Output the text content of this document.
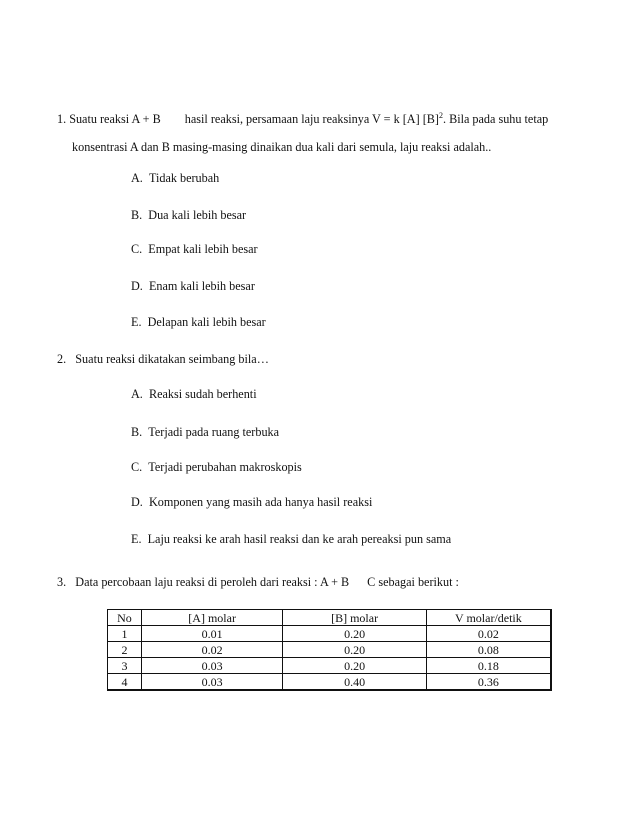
1. Suatu reaksi A + B hasil reaksi, persamaan laju reaksinya V = k [A] $[B]^2$. Bila pada suhu tetap
konsentrasi A dan B masing-masing dinaikan dua kali dari semula, laju reaksi adalah..
A. Tidak berubah
B. Dua kali lebih besar
C. Empat kali lebih besar
D. Enam kali lebih besar
E. Delapan kali lebih besar
2. Suatu reaksi dikatakan seimbang bila…
A. Reaksi sudah berhenti
B. Terjadi pada ruang terbuka
C. Terjadi perubahan makroskopis
D. Komponen yang masih ada hanya hasil reaksi
E. Laju reaksi ke arah hasil reaksi dan ke arah pereaksi pun sama
3. Data percobaan laju reaksi di peroleh dari reaksi : A + B C sebagai berikut :
No	[A] molar	[B] molar	V molar/detik
1	0.01	0.20	0.02
2	0.02	0.20	0.08
3	0.03	0.20	0.18
4	0.03	0.40	0.36
